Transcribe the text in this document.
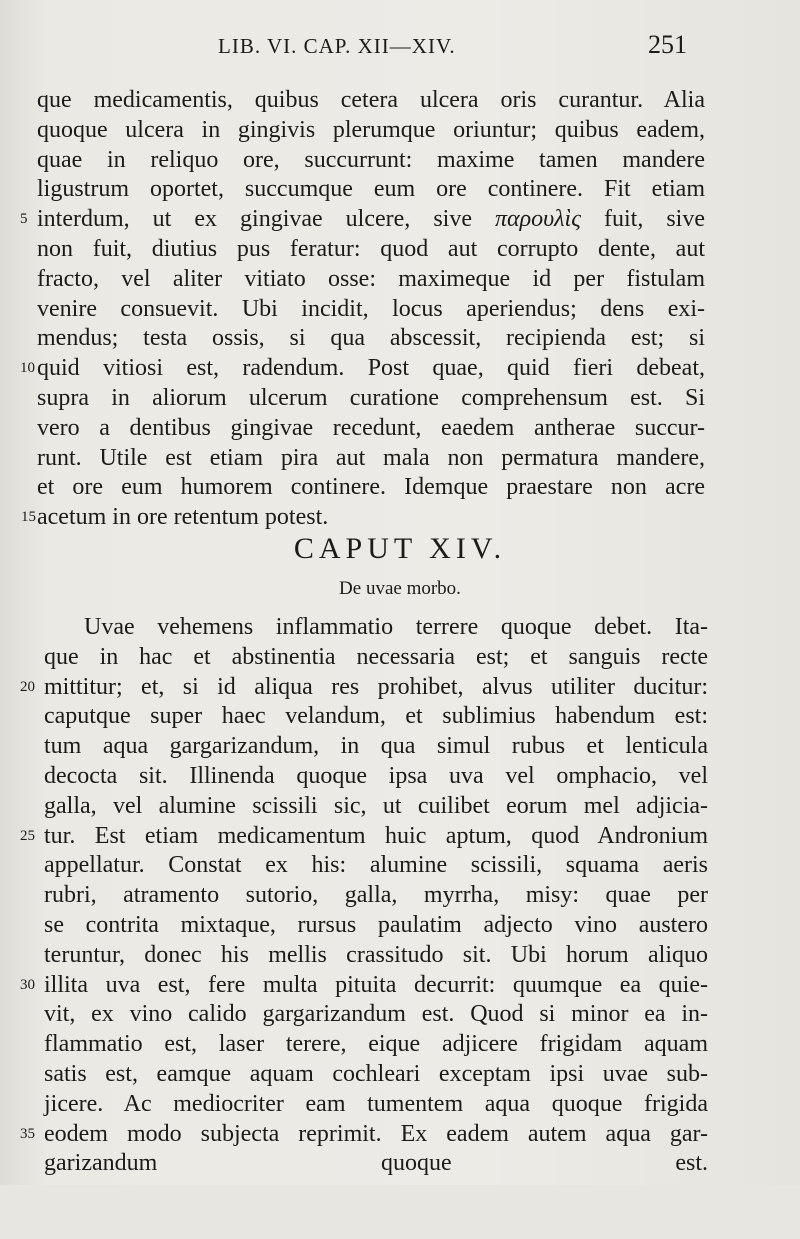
LIB. VI. CAP. XII—XIV.	251
que medicamentis, quibus cetera ulcera oris curantur. Alia
quoque ulcera in gingivis plerumque oriuntur; quibus eadem,
quae in reliquo ore, succurrunt: maxime tamen mandere
ligustrum oportet, succumque eum ore continere. Fit etiam
5 interdum, ut ex gingivae ulcere, sive παρουλὶς fuit, sive
non fuit, diutius pus feratur: quod aut corrupto dente, aut
fracto, vel aliter vitiato osse: maximeque id per fistulam
venire consuevit. Ubi incidit, locus aperiendus; dens exi-
mendus; testa ossis, si qua abscessit, recipienda est; si
10 quid vitiosi est, radendum. Post quae, quid fieri debeat,
supra in aliorum ulcerum curatione comprehensum est. Si
vero a dentibus gingivae recedunt, eaedem antherae succur-
runt. Utile est etiam pira aut mala non permatura mandere,
et ore eum humorem continere. Idemque praestare non acre
15 acetum in ore retentum potest.
CAPUT XIV.
De uvae morbo.
Uvae vehemens inflammatio terrere quoque debet. Ita-
que in hac et abstinentia necessaria est; et sanguis recte
20 mittitur; et, si id aliqua res prohibet, alvus utiliter ducitur:
caputque super haec velandum, et sublimius habendum est:
tum aqua gargarizandum, in qua simul rubus et lenticula
decocta sit. Illinenda quoque ipsa uva vel omphacio, vel
galla, vel alumine scissili sic, ut cuilibet eorum mel adjicia-
25 tur. Est etiam medicamentum huic aptum, quod Andronium
appellatur. Constat ex his: alumine scissili, squama aeris
rubri, atramento sutorio, galla, myrrha, misy: quae per
se contrita mixtaque, rursus paulatim adjecto vino austero
teruntur, donec his mellis crassitudo sit. Ubi horum aliquo
30 illita uva est, fere multa pituita decurrit: quumque ea quie-
vit, ex vino calido gargarizandum est. Quod si minor ea in-
flammatio est, laser terere, eique adjicere frigidam aquam
satis est, eamque aquam cochleari exceptam ipsi uvae sub-
jicere. Ac mediocriter eam tumentem aqua quoque frigida
35 eodem modo subjecta reprimit. Ex eadem autem aqua gar-
garizandum quoque est.
